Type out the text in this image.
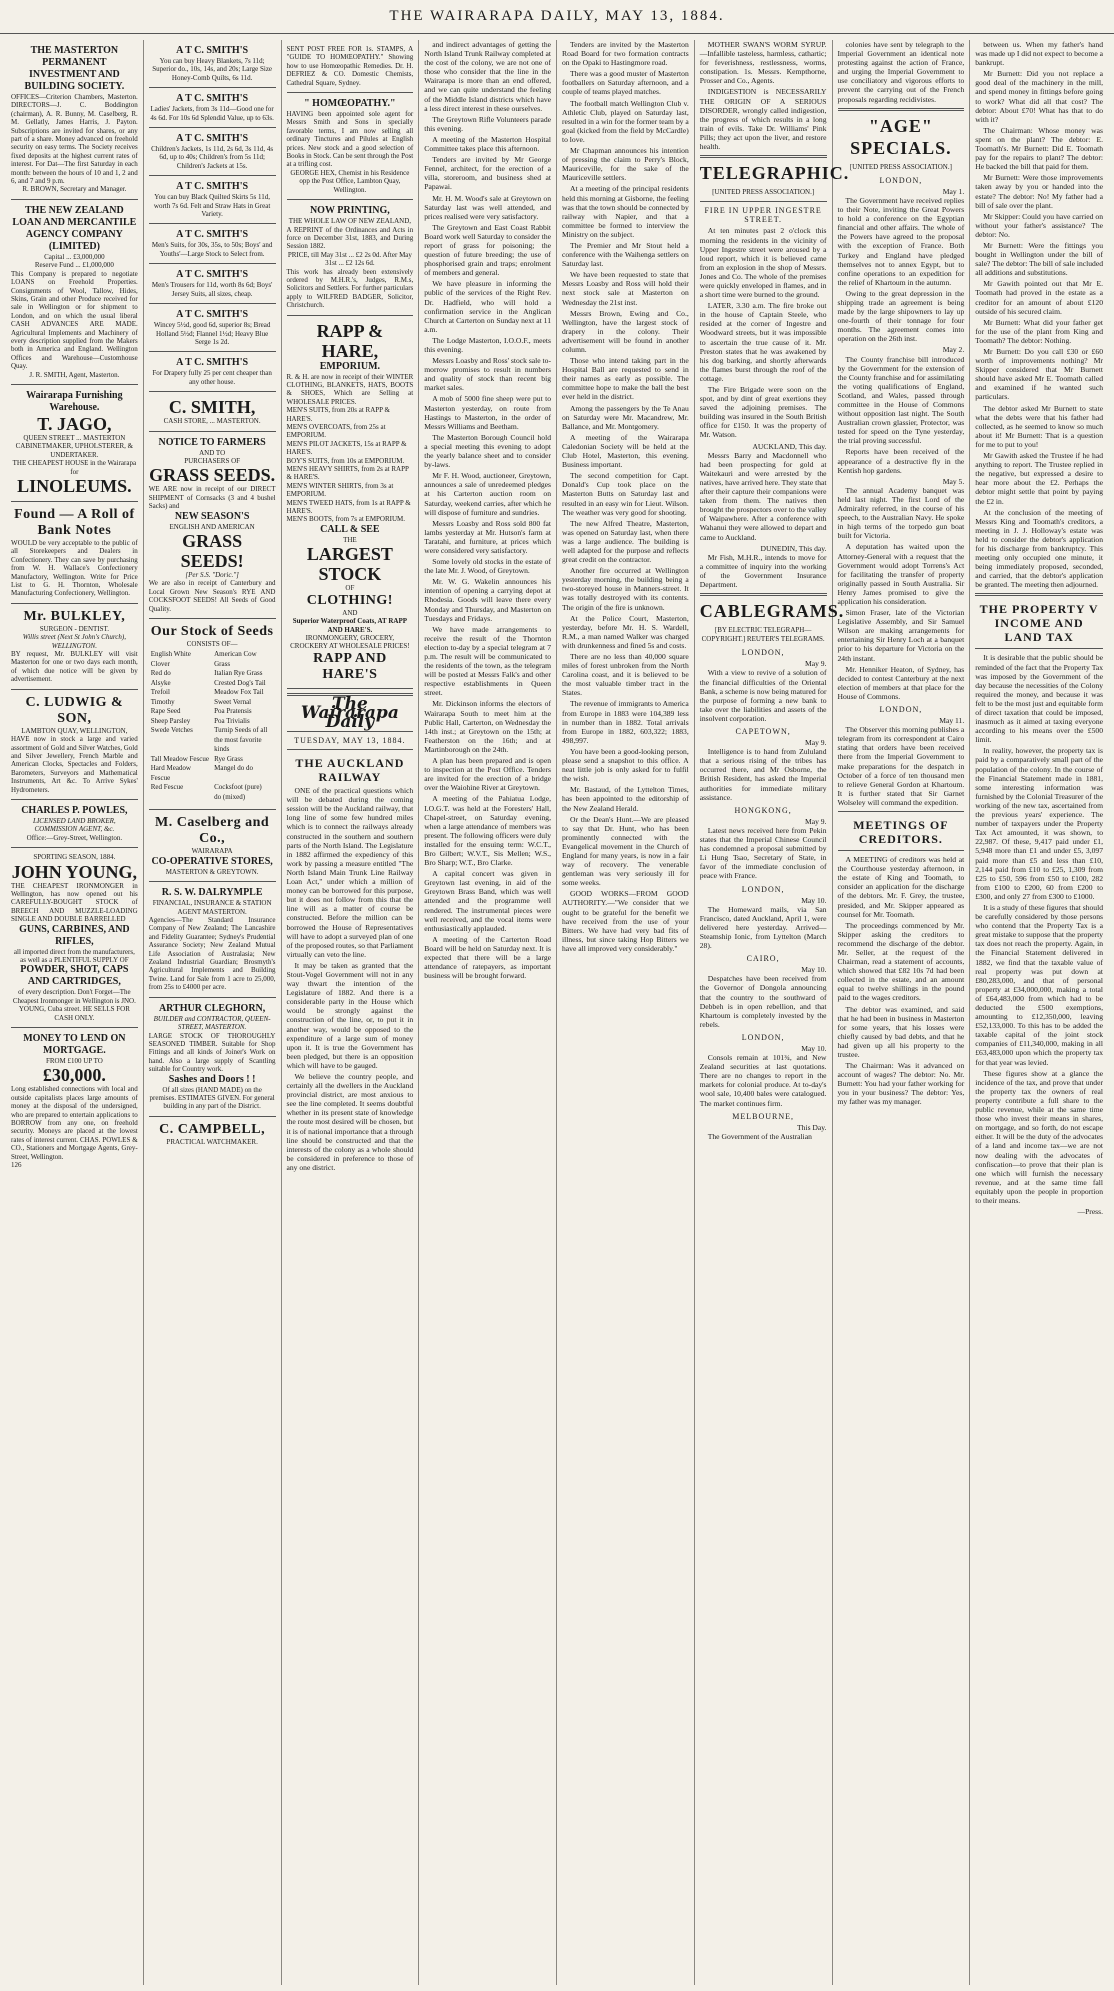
THE WAIRARAPA DAILY, MAY 13, 1884.
THE MASTERTON PERMANENT INVESTMENT AND BUILDING SOCIETY.
OFFICES—Criterion Chambers, Masterton. DIRECTORS—J. C. Boddington (chairman), A. R. Bunny, M. Caselberg, R. M. Gellatly, James Harris, J. Payton. Subscriptions are invited for shares, or any part of a share. Money advanced on freehold security on easy terms. The Society receives fixed deposits at the highest current rates of interest. For Dat—The first Saturday in each month: between the hours of 10 and 1, 2 and 6, and 7 and 9 p.m.
R. BROWN, Secretary and Manager.
THE NEW ZEALAND LOAN AND MERCANTILE AGENCY COMPANY (LIMITED)
Capital ... £3,000,000
Reserve Fund ... £1,000,000
This Company is prepared to negotiate LOANS on Freehold Properties. Consignments of Wool, Tallow, Hides, Skins, Grain and other Produce received for sale in Wellington or for shipment to London, and on which the usual liberal CASH ADVANCES ARE MADE. Agricultural Implements and Machinery of every description supplied from the Makers both in America and England. Wellington Offices and Warehouse—Customhouse Quay.
J. R. SMITH, Agent, Masterton.
Wairarapa Furnishing Warehouse.
T. JAGO,
QUEEN STREET ... MASTERTON
CABINETMAKER, UPHOLSTERER, & UNDERTAKER.
THE CHEAPEST HOUSE in the Wairarapa for
LINOLEUMS.
Found — A Roll of Bank Notes
WOULD be very acceptable to the public of all Storekeepers and Dealers in Confectionery. They can save by purchasing from W. H. Wallace's Confectionery Manufactory, Wellington. Write for Price List to G. H. Thornton, Wholesale Manufacturing Confectionery, Wellington.
Mr. BULKLEY,
SURGEON - DENTIST.
Willis street (Next St John's Church), WELLINGTON.
BY request, Mr. BULKLEY will visit Masterton for one or two days each month, of which due notice will be given by advertisement.
C. LUDWIG & SON,
LAMBTON QUAY, WELLINGTON,
HAVE now in stock a large and varied assortment of Gold and Silver Watches, Gold and Silver Jewellery, French Marble and American Clocks, Spectacles and Folders, Barometers, Surveyors and Mathematical Instruments, Art &c. To Arrive Sykes' Hydrometers.
CHARLES P. POWLES,
LICENSED LAND BROKER, COMMISSION AGENT, &c.
Office:—Grey-Street, Wellington.
SPORTING SEASON, 1884.
JOHN YOUNG,
THE CHEAPEST IRONMONGER in Wellington, has now opened out his CAREFULLY-BOUGHT STOCK of BREECH AND MUZZLE-LOADING SINGLE AND DOUBLE BARRELLED
GUNS, CARBINES, AND RIFLES,
all imported direct from the manufacturers, as well as a PLENTIFUL SUPPLY OF
POWDER, SHOT, CAPS AND CARTRIDGES,
of every description. Don't Forget—The Cheapest Ironmonger in Wellington is JNO. YOUNG, Cuba street. HE SELLS FOR CASH ONLY.
MONEY TO LEND ON MORTGAGE.
FROM £100 UP TO
£30,000.
Long established connections with local and outside capitalists places large amounts of money at the disposal of the undersigned, who are prepared to entertain applications to BORROW from any one, on freehold security. Moneys are placed at the lowest rates of interest current. CHAS. POWLES & CO., Stationers and Mortgage Agents, Grey-Street, Wellington.
126
A T C. SMITH'S
You can buy Heavy Blankets, 7s 11d; Superior do., 10s, 14s, and 20s; Large Size Honey-Comb Quilts, 6s 11d.
A T C. SMITH'S
Ladies' Jackets, from 3s 11d—Good one for 4s 6d. For 10s 6d Splendid Value, up to 63s.
A T C. SMITH'S
Children's Jackets, 1s 11d, 2s 6d, 3s 11d, 4s 6d, up to 40s; Children's from 5s 11d; Children's Jackets at 15s.
A T C. SMITH'S
You can buy Black Quilted Skirts 5s 11d, worth 7s 6d. Felt and Straw Hats in Great Variety.
A T C. SMITH'S
Men's Suits, for 30s, 35s, to 50s; Boys' and Youths'—Large Stock to Select from.
A T C. SMITH'S
Men's Trousers for 11d, worth 8s 6d; Boys' Jersey Suits, all sizes, cheap.
A T C. SMITH'S
Wincey 5½d, good 6d, superior 8s; Bread Holland 5½d; Flannel 1½d; Heavy Blue Serge 1s 2d.
A T C. SMITH'S
For Drapery fully 25 per cent cheaper than any other house.
C. SMITH,
CASH STORE, ... MASTERTON.
NOTICE TO FARMERS
AND TO
PURCHASERS OF
GRASS SEEDS.
WE ARE now in receipt of our DIRECT SHIPMENT of Cornsacks (3 and 4 bushel Sacks) and
NEW SEASON'S
ENGLISH AND AMERICAN
GRASS SEEDS!
[Per S.S. "Doric."]
We are also in receipt of Canterbury and Local Grown New Season's RYE AND COCKSFOOT SEEDS! All Seeds of Good Quality.
Our Stock of Seeds
CONSISTS OF—
English White Clover
American Cow Grass
Red do	Italian Rye Grass
Alsyke	Crested Dog's Tail
Trefoil	Meadow Fox Tail
Timothy	Sweet Vernal
Rape Seed	Poa Pratensis
Sheep Parsley	Poa Trivialis
Swede Vetches	Turnip Seeds of all the most favorite kinds
Tall Meadow Fescue Rye Grass
Hard Meadow Fescue
Mangel do do
Red Fescue	Cocksfoot (pure)
do (mixed)
M. Caselberg and Co.,
WAIRARAPA
CO-OPERATIVE STORES,
MASTERTON & GREYTOWN.
R. S. W. DALRYMPLE
FINANCIAL, INSURANCE & STATION AGENT MASTERTON.
Agencies—The Standard Insurance Company of New Zealand; The Lancashire and Fidelity Guarantee; Sydney's Prudential Assurance Society; New Zealand Mutual Life Association of Australasia; New Zealand Industrial Guardian; Brosmyth's Agricultural Implements and Building Twine. Land for Sale from 1 acre to 25,000, from 25s to £4000 per acre.
ARTHUR CLEGHORN,
BUILDER and CONTRACTOR, QUEEN-STREET, MASTERTON.
LARGE STOCK OF THOROUGHLY SEASONED TIMBER. Suitable for Shop Fittings and all kinds of Joiner's Work on hand. Also a large supply of Scantling suitable for Country work.
Sashes and Doors ! !
Of all sizes (HAND MADE) on the premises. ESTIMATES GIVEN. For general building in any part of the District.
C. CAMPBELL,
PRACTICAL WATCHMAKER.
SENT POST FREE FOR 1s. STAMPS, A "GUIDE TO HOMŒOPATHY." Showing how to use Homœopathic Remedies. Dr. H. DEFRIEZ & CO. Domestic Chemists, Cathedral Square, Sydney.
" HOMŒOPATHY."
HAVING been appointed sole agent for Messrs Smith and Sons in specially favorable terms, I am now selling all ordinary Tinctures and Pilules at English prices. New stock and a good selection of Books in Stock. Can be sent through the Post at a trifling cost.
GEORGE HEX, Chemist in his Residence opp the Post Office, Lambton Quay, Wellington.
NOW PRINTING,
THE WHOLE LAW OF NEW ZEALAND,
A REPRINT of the Ordinances and Acts in force on December 31st, 1883, and During Session 1882.
PRICE, till May 31st ... £2 2s 0d. After May 31st ... £2 12s 6d.
This work has already been extensively ordered by M.H.R.'s, Judges, R.M.s, Solicitors and Settlers. For further particulars apply to WILFRED BADGER, Solicitor, Christchurch.
RAPP & HARE,
EMPORIUM.
R. & H. are now in receipt of their WINTER CLOTHING, BLANKETS, HATS, BOOTS & SHOES, Which are Selling at WHOLESALE PRICES.
MEN'S SUITS, from 20s at RAPP & HARE'S.
MEN'S OVERCOATS, from 25s at EMPORIUM.
MEN'S PILOT JACKETS, 15s at RAPP & HARE'S.
BOY'S SUITS, from 10s at EMPORIUM.
MEN'S HEAVY SHIRTS, from 2s at RAPP & HARE'S.
MEN'S WINTER SHIRTS, from 3s at EMPORIUM.
MEN'S TWEED HATS, from 1s at RAPP & HARE'S.
MEN'S BOOTS, from 7s at EMPORIUM.
CALL & SEE
THE
LARGEST STOCK
OF
CLOTHING!
AND
Superior Waterproof Coats, AT RAPP AND HARE'S.
IRONMONGERY, GROCERY, CROCKERY AT WHOLESALE PRICES!
RAPP AND HARE'S
The Wairarapa Daily
TUESDAY, MAY 13, 1884.
THE AUCKLAND RAILWAY

ONE of the practical questions which will be debated during the coming session will be the Auckland railway, that long line of some few hundred miles which is to connect the railways already constructed in the southern and southern parts of the North Island. The Legislature in 1882 affirmed the expediency of this work by passing a measure entitled "The North Island Main Trunk Line Railway Loan Act," under which a million of money can be borrowed for this purpose, but it does not follow from this that the line will as a matter of course be constructed. Before the million can be borrowed the House of Representatives will have to adopt a surveyed plan of one of the proposed routes, so that Parliament virtually can veto the line.

It may be taken as granted that the Stout-Vogel Government will not in any way thwart the intention of the Legislature of 1882. And there is a considerable party in the House which would be strongly against the construction of the line, or, to put it in another way, would be opposed to the expenditure of a large sum of money upon it. It is true the Government has been pledged, but there is an opposition which will have to be gauged.

We believe the country people, and certainly all the dwellers in the Auckland provincial district, are most anxious to see the line completed. It seems doubtful whether in its present state of knowledge the route most desired will be chosen, but it is of national importance that a through line should be constructed and that the interests of the colony as a whole should be considered in preference to those of any one district.

and indirect advantages of getting the North Island Trunk Railway completed at the cost of the colony, we are not one of those who consider that the line in the Wairarapa is more than an end offered, and we can quite understand the feeling of the Middle Island districts which have a less direct interest in these ourselves.

The Greytown Rifle Volunteers parade this evening.

A meeting of the Masterton Hospital Committee takes place this afternoon.

Tenders are invited by Mr George Fennel, architect, for the erection of a villa, storeroom, and business shed at Papawai.

Mr. H. M. Wood's sale at Greytown on Saturday last was well attended, and prices realised were very satisfactory.

The Greytown and East Coast Rabbit Board work well Saturday to consider the report of grass for poisoning; the question of future breeding; the use of phosphorised grain and traps; enrolment of members and general.

We have pleasure in informing the public of the services of the Right Rev. Dr. Hadfield, who will hold a confirmation service in the Anglican Church at Carterton on Sunday next at 11 a.m.

The Lodge Masterton, I.O.O.F., meets this evening.

Messrs Loasby and Ross' stock sale to-morrow promises to result in numbers and quality of stock than recent big market sales.

A mob of 5000 fine sheep were put to Masterton yesterday, on route from Hastings to Masterton, in the order of Messrs Williams and Beetham.

The Masterton Borough Council hold a special meeting this evening to adopt the yearly balance sheet and to consider by-laws.

Mr F. H. Wood, auctioneer, Greytown, announces a sale of unredeemed pledges at his Carterton auction room on Saturday, weekend carries, after which he will dispose of furniture and sundries.

Messrs Loasby and Ross sold 800 fat lambs yesterday at Mr. Hutson's farm at Taratahi, and furniture, at prices which were considered very satisfactory.

Some lovely old stocks in the estate of the late Mr. J. Wood, of Greytown.

Mr. W. G. Wakelin announces his intention of opening a carrying depot at Rhodesia. Goods will leave there every Monday and Thursday, and Masterton on Tuesdays and Fridays.

We have made arrangements to receive the result of the Thornton election to-day by a special telegram at 7 p.m. The result will be communicated to the residents of the town, as the telegram will be posted at Messrs Falk's and other respective establishments in Queen street.

Mr. Dickinson informs the electors of Wairarapa South to meet him at the Public Hall, Carterton, on Wednesday the 14th inst.; at Greytown on the 15th; at Featherston on the 16th; and at Martinborough on the 24th.

A plan has been prepared and is open to inspection at the Post Office. Tenders are invited for the erection of a bridge over the Waiohine River at Greytown.

A meeting of the Pahiatua Lodge, I.O.G.T. was held at the Foresters' Hall, Chapel-street, on Saturday evening, when a large attendance of members was present. The following officers were duly installed for the ensuing term: W.C.T., Bro Gilbert; W.V.T., Sis Mellen; W.S., Bro Sharp; W.T., Bro Clarke.

A capital concert was given in Greytown last evening, in aid of the Greytown Brass Band, which was well attended and the programme well rendered. The instrumental pieces were well received, and the vocal items were enthusiastically applauded.

A meeting of the Carterton Road Board will be held on Saturday next. It is expected that there will be a large attendance of ratepayers, as important business will be brought forward.

Tenders are invited by the Masterton Road Board for two formation contracts on the Opaki to Hastingmore road.

There was a good muster of Masterton footballers on Saturday afternoon, and a couple of teams played matches.

The football match Wellington Club v. Athletic Club, played on Saturday last, resulted in a win for the former team by a goal (kicked from the field by McCardle) to love.

Mr Chapman announces his intention of pressing the claim to Perry's Block, Mauriceville, for the sake of the Mauriceville settlers.

At a meeting of the principal residents held this morning at Gisborne, the feeling was that the town should be connected by railway with Napier, and that a committee be formed to interview the Ministry on the subject.

The Premier and Mr Stout held a conference with the Waihenga settlers on Saturday last.

We have been requested to state that Messrs Loasby and Ross will hold their next stock sale at Masterton on Wednesday the 21st inst.

Messrs Brown, Ewing and Co., Wellington, have the largest stock of drapery in the colony. Their advertisement will be found in another column.

Those who intend taking part in the Hospital Ball are requested to send in their names as early as possible. The committee hope to make the ball the best ever held in the district.

Among the passengers by the Te Anau on Saturday were Mr. Macandrew, Mr. Ballance, and Mr. Montgomery.

A meeting of the Wairarapa Caledonian Society will be held at the Club Hotel, Masterton, this evening. Business important.

The second competition for Capt. Donald's Cup took place on the Masterton Butts on Saturday last and resulted in an easy win for Lieut. Wilson. The weather was very good for shooting.

The new Alfred Theatre, Masterton, was opened on Saturday last, when there was a large audience. The building is well adapted for the purpose and reflects great credit on the contractor.

Another fire occurred at Wellington yesterday morning, the building being a two-storeyed house in Manners-street. It was totally destroyed with its contents. The origin of the fire is unknown.

At the Police Court, Masterton, yesterday, before Mr. H. S. Wardell, R.M., a man named Walker was charged with drunkenness and fined 5s and costs.

There are no less than 40,000 square miles of forest unbroken from the North Carolina coast, and it is believed to be the most valuable timber tract in the States.

The revenue of immigrants to America from Europe in 1883 were 104,389 less in number than in 1882. Total arrivals from Europe in 1882, 603,322; 1883, 498,997.

You have been a good-looking person, please send a snapshot to this office. A neat little job is only asked for to fulfil the wish.

Mr. Bastaud, of the Lyttelton Times, has been appointed to the editorship of the New Zealand Herald.

Or the Dean's Hunt.—We are pleased to say that Dr. Hunt, who has been prominently connected with the Evangelical movement in the Church of England for many years, is now in a fair way of recovery. The venerable gentleman was very seriously ill for some weeks.

GOOD WORKS—FROM GOOD AUTHORITY.—"We consider that we ought to be grateful for the benefit we have received from the use of your Bitters. We have had very bad fits of illness, but since taking Hop Bitters we have all improved very considerably."

MOTHER SWAN'S WORM SYRUP.—Infallible tasteless, harmless, cathartic; for feverishness, restlessness, worms, constipation. 1s. Messrs. Kempthorne, Prosser and Co., Agents.

INDIGESTION is NECESSARILY THE ORIGIN OF A SERIOUS DISORDER, wrongly called indigestion, the progress of which results in a long train of evils. Take Dr. Williams' Pink Pills; they act upon the liver, and restore health.

TELEGRAPHIC.
[UNITED PRESS ASSOCIATION.]
FIRE IN UPPER INGESTRE STREET.

At ten minutes past 2 o'clock this morning the residents in the vicinity of Upper Ingestre street were aroused by a loud report, which it is believed came from an explosion in the shop of Messrs. Jones and Co. The whole of the premises were quickly enveloped in flames, and in a short time were burned to the ground.

LATER, 3.30 a.m. The fire broke out in the house of Captain Steele, who resided at the corner of Ingestre and Woodward streets, but it was impossible to ascertain the true cause of it. Mr. Preston states that he was awakened by his dog barking, and shortly afterwards the flames burst through the roof of the cottage.

The Fire Brigade were soon on the spot, and by dint of great exertions they saved the adjoining premises. The building was insured in the South British office for £150. It was the property of Mr. Watson.

AUCKLAND, This day.

Messrs Barry and Macdonnell who had been prospecting for gold at Waitekauri and were arrested by the natives, have arrived here. They state that after their capture their companions were taken from them. The natives then brought the prospectors over to the valley of Waipawhere. After a conference with Wahanui they were allowed to depart and came to Auckland.

DUNEDIN, This day.

Mr Fish, M.H.R., intends to move for a committee of inquiry into the working of the Government Insurance Department.

CABLEGRAMS.
[BY ELECTRIC TELEGRAPH—COPYRIGHT.] REUTER'S TELEGRAMS.
LONDON,
May 9.

With a view to revive of a solution of the financial difficulties of the Oriental Bank, a scheme is now being matured for the purpose of forming a new bank to take over the liabilities and assets of the insolvent corporation.

CAPETOWN,
May 9.

Intelligence is to hand from Zululand that a serious rising of the tribes has occurred there, and Mr Osborne, the British Resident, has asked the Imperial authorities for immediate military assistance.

HONGKONG,
May 9.

Latest news received here from Pekin states that the Imperial Chinese Council has condemned a proposal submitted by Li Hung Tsao, Secretary of State, in favor of the immediate conclusion of peace with France.

LONDON,
May 10.

The Homeward mails, via San Francisco, dated Auckland, April 1, were delivered here yesterday. Arrived—Steamship Ionic, from Lyttelton (March 28).

CAIRO,
May 10.

Despatches have been received from the Governor of Dongola announcing that the country to the southward of Debbeh is in open rebellion, and that Khartoum is completely invested by the rebels.

LONDON,
May 10.

Consols remain at 101¾, and New Zealand securities at last quotations. There are no changes to report in the markets for colonial produce. At to-day's wool sale, 10,400 bales were catalogued. The market continues firm.

MELBOURNE,
This Day.

The Government of the Australian

colonies have sent by telegraph to the Imperial Government an identical note protesting against the action of France, and urging the Imperial Government to use conciliatory and vigorous efforts to prevent the carrying out of the French proposals regarding recidivistes.

"AGE" SPECIALS.
[UNITED PRESS ASSOCIATION.]
LONDON,
May 1.

The Government have received replies to their Note, inviting the Great Powers to hold a conference on the Egyptian financial and other affairs. The whole of the Powers have agreed to the proposal with the exception of France. Both Turkey and England have pledged themselves not to annex Egypt, but to confine operations to an expedition for the relief of Khartoum in the autumn.

Owing to the great depression in the shipping trade an agreement is being made by the large shipowners to lay up one-fourth of their tonnage for four months. The agreement comes into operation on the 26th inst.

May 2.

The County franchise bill introduced by the Government for the extension of the County franchise and for assimilating the voting qualifications of England, Scotland, and Wales, passed through committee in the House of Commons without opposition last night. The South Australian crown glassier, Protector, was tested for speed on the Tyne yesterday, the trial proving successful.

Reports have been received of the appearance of a destructive fly in the Kentish hop gardens.

May 5.

The annual Academy banquet was held last night. The first Lord of the Admiralty referred, in the course of his speech, to the Australian Navy. He spoke in high terms of the torpedo gun boat built for Victoria.

A deputation has waited upon the Attorney-General with a request that the Government would adopt Torrens's Act for facilitating the transfer of property originally passed in South Australia. Sir Henry James promised to give the application his consideration.

Simon Fraser, late of the Victorian Legislative Assembly, and Sir Samuel Wilson are making arrangements for entertaining Sir Henry Loch at a banquet prior to his departure for Victoria on the 24th instant.

Mr. Henniker Heaton, of Sydney, has decided to contest Canterbury at the next election of members at that place for the House of Commons.

LONDON,
May 11.

The Observer this morning publishes a telegram from its correspondent at Cairo stating that orders have been received there from the Imperial Government to make preparations for the despatch in October of a force of ten thousand men to relieve General Gordon at Khartoum. It is further stated that Sir Garnet Wolseley will command the expedition.

MEETINGS OF CREDITORS.

A MEETING of creditors was held at the Courthouse yesterday afternoon, in the estate of King and Toomath, to consider an application for the discharge of the debtors. Mr. F. Grey, the trustee, presided, and Mr. Skipper appeared as counsel for Mr. Toomath.

The proceedings commenced by Mr. Skipper asking the creditors to recommend the discharge of the debtor. Mr. Seller, at the request of the Chairman, read a statement of accounts, which showed that £82 10s 7d had been collected in the estate, and an amount equal to twelve shillings in the pound paid to the wages creditors.

The debtor was examined, and said that he had been in business in Masterton for some years, that his losses were chiefly caused by bad debts, and that he had given up all his property to the trustee.

The Chairman: Was it advanced on account of wages? The debtor: No. Mr. Burnett: You had your father working for you in your business? The debtor: Yes, my father was my manager.

between us. When my father's hand was made up I did not expect to become a bankrupt.

Mr Burnett: Did you not replace a good deal of the machinery in the mill, and spend money in fittings before going to work? What did all that cost? The debtor: About £70! What has that to do with it?

The Chairman: Whose money was spent on the plant? The debtor: E. Toomath's. Mr Burnett: Did E. Toomath pay for the repairs to plant? The debtor: He backed the bill that paid for them.

Mr Burnett: Were those improvements taken away by you or handed into the estate? The debtor: No! My father had a bill of sale over the plant.

Mr Skipper: Could you have carried on without your father's assistance? The debtor: No.

Mr Burnett: Were the fittings you bought in Wellington under the bill of sale? The debtor: The bill of sale included all additions and substitutions.

Mr Gawith pointed out that Mr E. Toomath had proved in the estate as a creditor for an amount of about £120 outside of his secured claim.

Mr Burnett: What did your father get for the use of the plant from King and Toomath? The debtor: Nothing.

Mr Burnett: Do you call £30 or £60 worth of improvements nothing? Mr Skipper considered that Mr Burnett should have asked Mr E. Toomath called and examined if he wanted such particulars.

The debtor asked Mr Burnett to state what the debts were that his father had collected, as he seemed to know so much about it! Mr Burnett: That is a question for me to put to you!

Mr Gawith asked the Trustee if he had anything to report. The Trustee replied in the negative, but expressed a desire to hear more about the £2. Perhaps the debtor might settle that point by paying the £2 in.

At the conclusion of the meeting of Messrs King and Toomath's creditors, a meeting in J. J. Holloway's estate was held to consider the debtor's application for his discharge from bankruptcy. This meeting only occupied one minute, it being immediately proposed, seconded, and carried, that the debtor's application be granted. The meeting then adjourned.

THE PROPERTY V INCOME AND LAND TAX

It is desirable that the public should be reminded of the fact that the Property Tax was imposed by the Government of the day because the necessities of the Colony required the money, and because it was felt to be the most just and equitable form of direct taxation that could be imposed, inasmuch as it aimed at taxing everyone according to his means over the £500 limit.

In reality, however, the property tax is paid by a comparatively small part of the population of the colony. In the course of the Financial Statement made in 1881, some interesting information was furnished by the Colonial Treasurer of the working of the new tax, ascertained from the previous years' experience. The number of taxpayers under the Property Tax Act amounted, it was shown, to 22,987. Of these, 9,417 paid under £1, 5,948 more than £1 and under £5, 3,097 paid more than £5 and less than £10, 2,144 paid from £10 to £25, 1,309 from £25 to £50, 596 from £50 to £100, 282 from £100 to £200, 60 from £200 to £300, and only 27 from £300 to £1000.

It is a study of these figures that should be carefully considered by those persons who contend that the Property Tax is a great mistake to suppose that the property tax does not reach the property. Again, in the Financial Statement delivered in 1882, we find that the taxable value of real property was put down at £80,283,000, and that of personal property at £34,000,000, making a total of £64,483,000 from which had to be deducted the £500 exemptions, amounting to £12,350,000, leaving £52,133,000. To this has to be added the taxable capital of the joint stock companies of £11,340,000, making in all £63,483,000 upon which the property tax for that year was levied.

These figures show at a glance the incidence of the tax, and prove that under the property tax the owners of real property contribute a full share to the public revenue, while at the same time those who invest their means in shares, on mortgage, and so forth, do not escape either. It will be the duty of the advocates of a land and income tax—we are not now dealing with the advocates of confiscation—to prove that their plan is one which will furnish the necessary revenue, and at the same time fall equitably upon the people in proportion to their means.

—Press.
